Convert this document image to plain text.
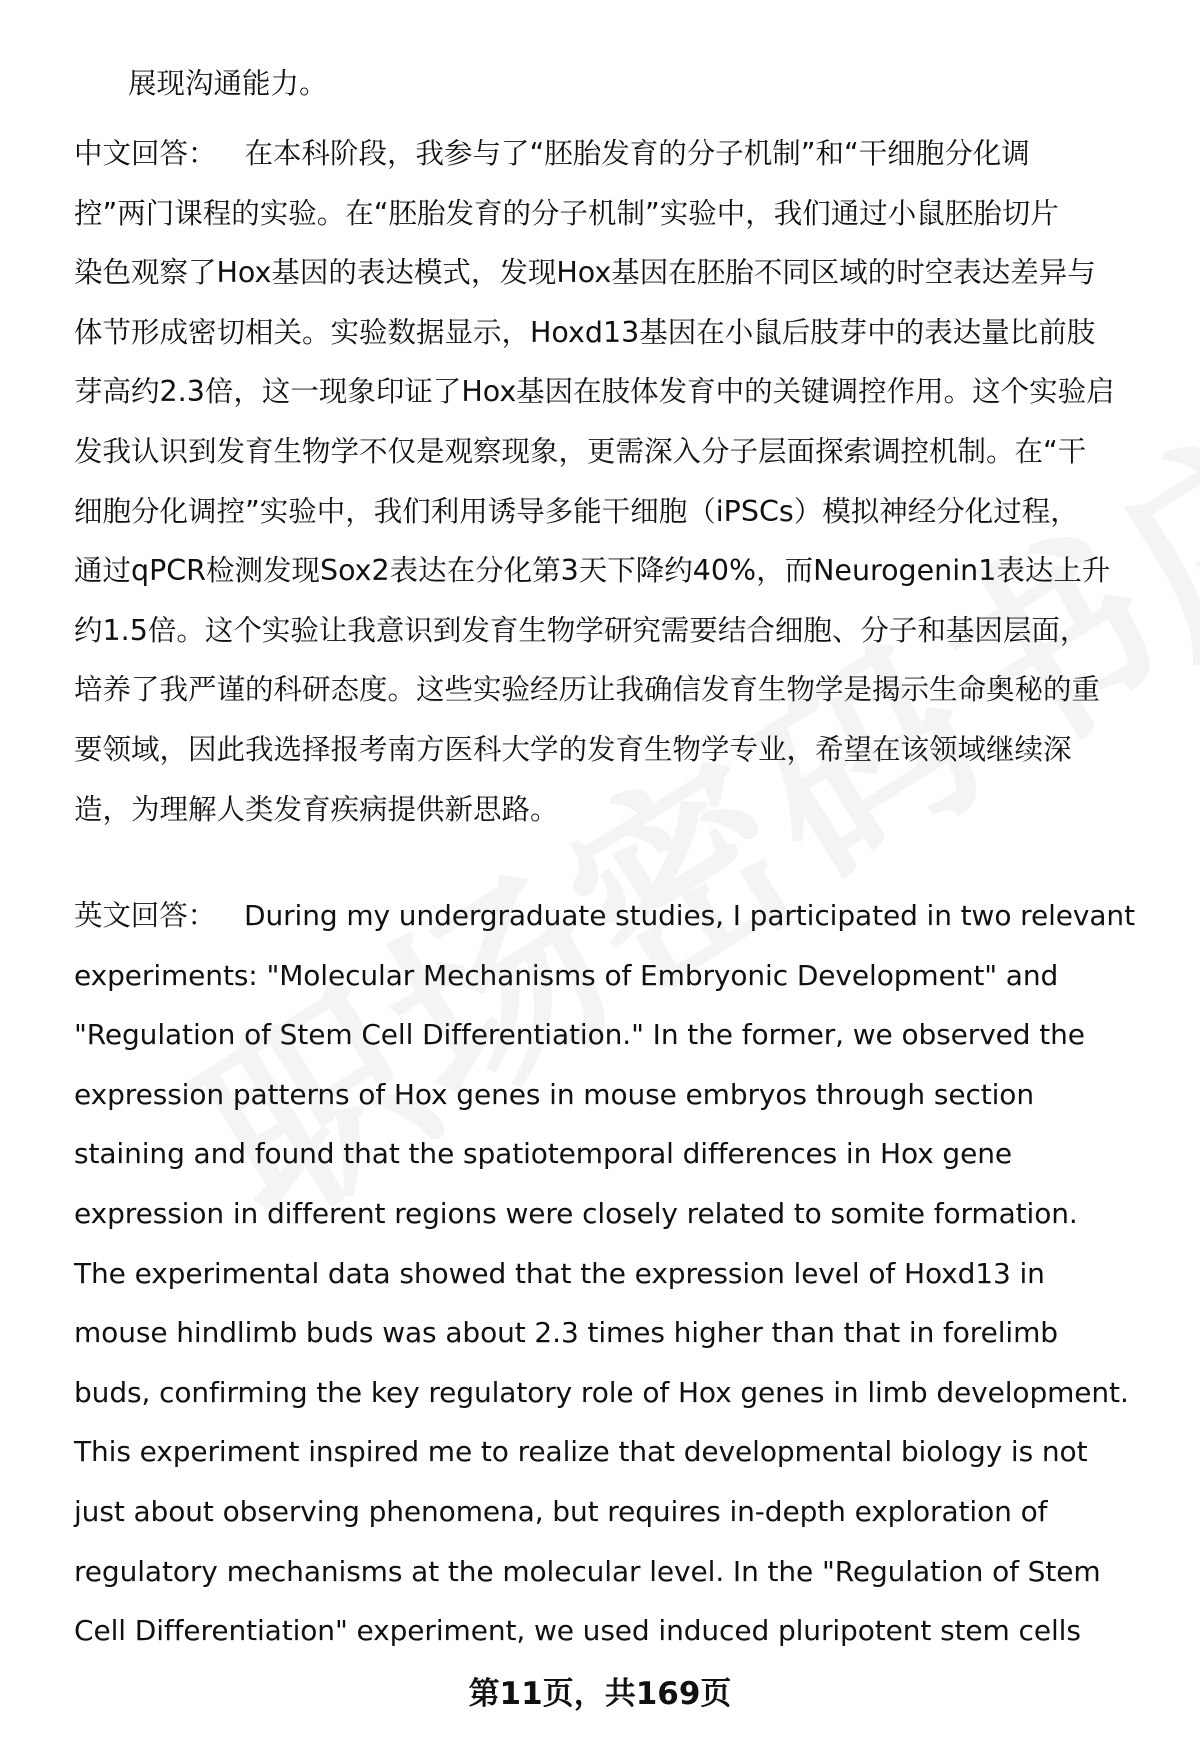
展现沟通能力。

中文回答： 在本科阶段，我参与了“胚胎发育的分子机制”和“干细胞分化调
控”两门课程的实验。在“胚胎发育的分子机制”实验中，我们通过小鼠胚胎切片
染色观察了Hox基因的表达模式，发现Hox基因在胚胎不同区域的时空表达差异与
体节形成密切相关。实验数据显示，Hoxd13基因在小鼠后肢芽中的表达量比前肢
芽高约2.3倍，这一现象印证了Hox基因在肢体发育中的关键调控作用。这个实验启
发我认识到发育生物学不仅是观察现象，更需深入分子层面探索调控机制。在“干
细胞分化调控”实验中，我们利用诱导多能干细胞（iPSCs）模拟神经分化过程，
通过qPCR检测发现Sox2表达在分化第3天下降约40%，而Neurogenin1表达上升
约1.5倍。这个实验让我意识到发育生物学研究需要结合细胞、分子和基因层面，
培养了我严谨的科研态度。这些实验经历让我确信发育生物学是揭示生命奥秘的重
要领域，因此我选择报考南方医科大学的发育生物学专业，希望在该领域继续深
造，为理解人类发育疾病提供新思路。
英文回答： During my undergraduate studies, I participated in two relevant
experiments: "Molecular Mechanisms of Embryonic Development" and
"Regulation of Stem Cell Differentiation." In the former, we observed the
expression patterns of Hox genes in mouse embryos through section
staining and found that the spatiotemporal differences in Hox gene
expression in different regions were closely related to somite formation.
The experimental data showed that the expression level of Hoxd13 in
mouse hindlimb buds was about 2.3 times higher than that in forelimb
buds, confirming the key regulatory role of Hox genes in limb development.
This experiment inspired me to realize that developmental biology is not
just about observing phenomena, but requires in-depth exploration of
regulatory mechanisms at the molecular level. In the "Regulation of Stem
Cell Differentiation" experiment, we used induced pluripotent stem cells
第11页，共169页
